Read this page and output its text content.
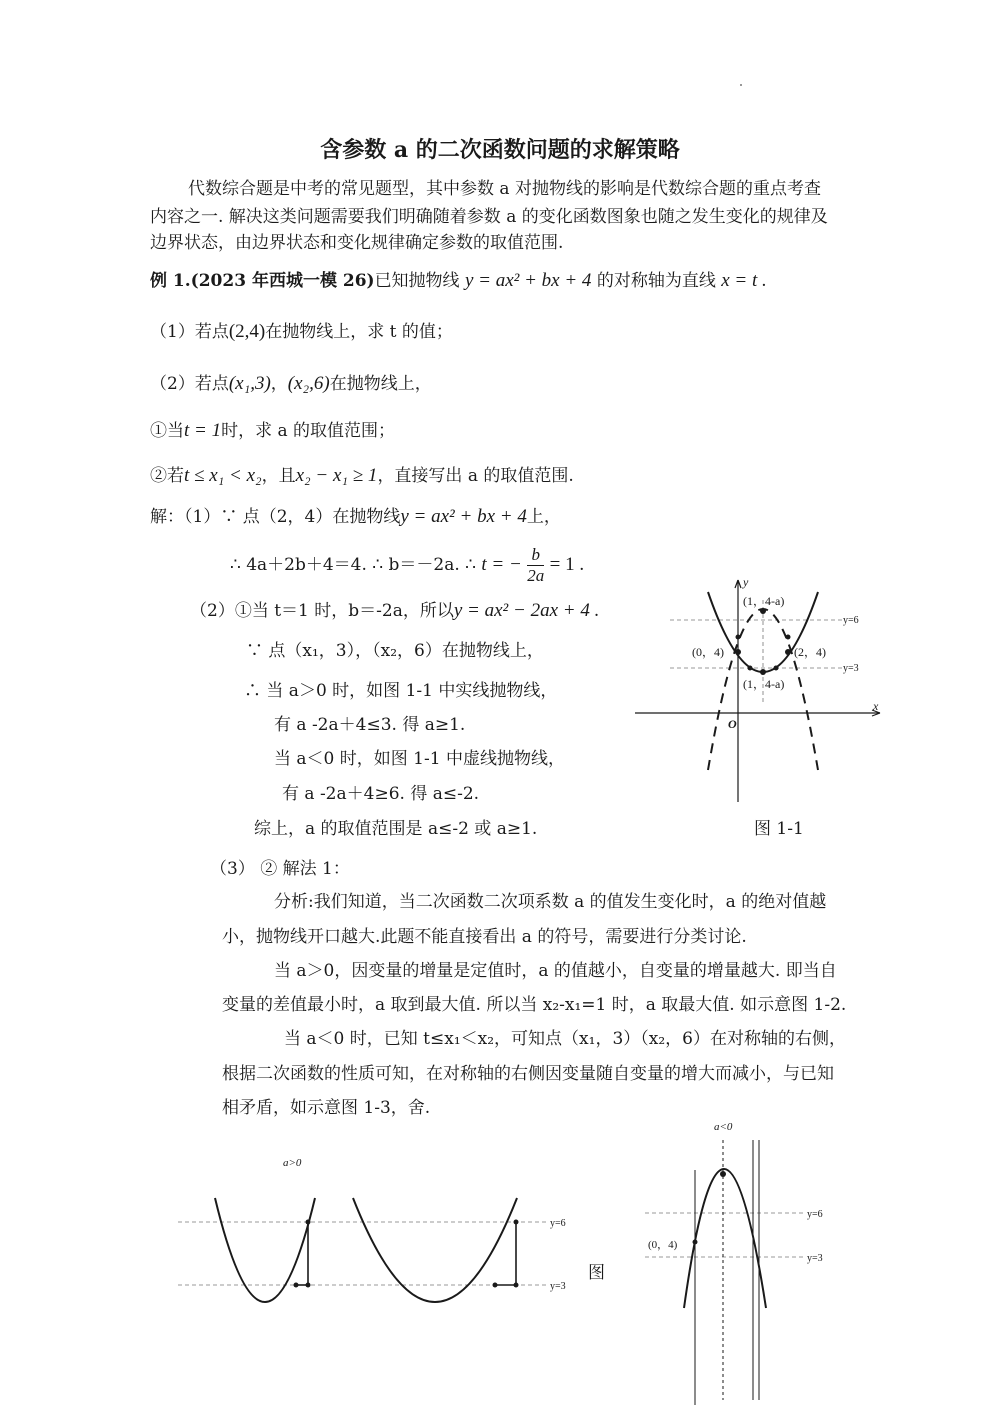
含参数 a 的二次函数问题的求解策略
代数综合题是中考的常见题型，其中参数 a 对抛物线的影响是代数综合题的重点考查
内容之一. 解决这类问题需要我们明确随着参数 a 的变化函数图象也随之发生变化的规律及
边界状态，由边界状态和变化规律确定参数的取值范围.
例 1.(2023 年西城一模 26)已知抛物线 y = ax² + bx + 4 的对称轴为直线 x = t .
（1）若点(2,4)在抛物线上，求 t 的值；
（2）若点(x₁,3)，(x₂,6)在抛物线上，
①当t = 1时，求 a 的取值范围；
②若t ≤ x₁ < x₂，且x₂ − x₁ ≥ 1，直接写出 a 的取值范围.
解：（1）∵ 点（2，4）在抛物线y = ax² + bx + 4上，
∴ 4a＋2b＋4＝4. ∴ b＝－2a. ∴ t = − $\frac{b}{2a} = 1$ .
（2）①当 t＝1 时，b＝-2a，所以y = ax² − 2ax + 4 .
∵ 点（x₁，3），（x₂，6）在抛物线上，
∴ 当 a＞0 时，如图 1-1 中实线抛物线，
有 a -2a＋4≤3. 得 a≥1.
当 a＜0 时，如图 1-1 中虚线抛物线，
有 a -2a＋4≥6. 得 a≤-2.
综上，a 的取值范围是 a≤-2 或 a≥1.
y
x
O
(1，4-a)
(1，4-a)
(0，4)	(2，4)
y=6
y=3
图 1-1
（3） ② 解法 1：
分析:我们知道，当二次函数二次项系数 a 的值发生变化时，a 的绝对值越
小，抛物线开口越大.此题不能直接看出 a 的符号，需要进行分类讨论.
当 a＞0，因变量的增量是定值时，a 的值越小，自变量的增量越大. 即当自
变量的差值最小时，a 取到最大值. 所以当 x₂-x₁=1 时，a 取最大值. 如示意图 1-2.
当 a＜0 时，已知 t≤x₁＜x₂，可知点（x₁，3）（x₂，6）在对称轴的右侧，
根据二次函数的性质可知，在对称轴的右侧因变量随自变量的增大而减小，与已知
相矛盾，如示意图 1-3，舍.
a>0
y=6
y=3
图
a<0
y=6
y=3
(0，4)
